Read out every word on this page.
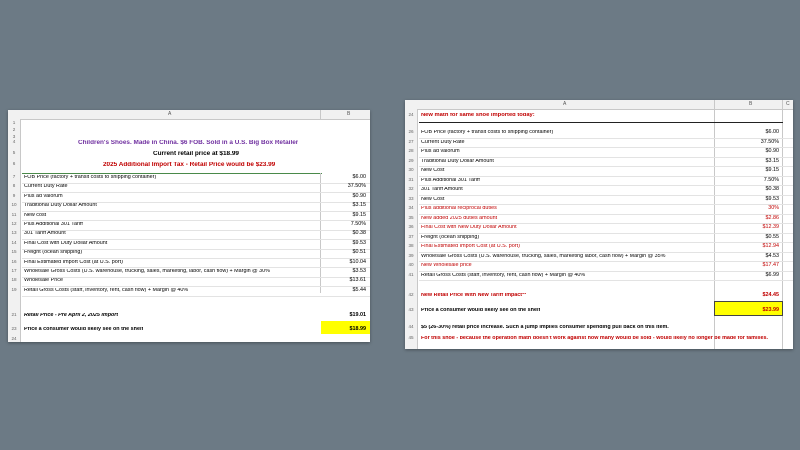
A	B
1
2
3
4	Children's Shoes. Made in China. $6 FOB. Sold in a U.S. Big Box Retailer
5	Current retail price at $18.99
6	2025 Additional Import Tax - Retail Price would be $23.99
7	FOB Price (factory + transit costs to shipping container)	$6.00
8	Current Duty Rate	37.50%
9	Plus ad valorum	$0.90
10	Traditional Duty Dollar Amount	$3.15
11	New cost	$9.15
12	Plus Additional 301 Tariff	7.50%
13	301 Tariff Amount	$0.38
14	Final Cost with Duty Dollar Amount	$9.53
15	Freight (ocean shipping)	$0.51
16	Final Estimated Import Cost (at U.S. port)	$10.04
17	Wholesale Gross Costs (U.S. warehouse, trucking, sales, marketing, labor, cash flow) + Margin @ 30%	$3.53
18	Wholesale Price	$13.61
19	Retail Gross Costs (staff, inventory, rent, cash flow) + Margin @ 40%	$5.44
21	Retail Price - Pre April 2, 2025 Import	$19.01
23	Price a consumer would likely see on the shelf	$18.99
24
A	B	C
24	New math for same shoe imported today:
26	FOB Price (factory + transit costs to shipping container)	$6.00
27	Current Duty Rate	37.50%
28	Plus ad valorum	$0.90
29	Traditional Duty Dollar Amount	$3.15
30	New Cost	$9.15
31	Plus Additional 301 Tariff	7.50%
32	301 Tariff Amount	$0.38
33	New Cost	$9.53
34	Plus additional reciprocal duties	30%
35	New added 2025 duties amount	$2.86
36	Final Cost with New Duty Dollar Amount	$12.39
37	Freight (ocean shipping)	$0.55
38	Final Estimated Import Cost (at U.S. port)	$12.94
39	Wholesale Gross Costs (U.S. warehouse, trucking, sales, marketing labor, cash flow) + Margin @ 35%	$4.53
40	New Wholesale price	$17.47
41	Retail Gross Costs (staff, inventory, rent, cash flow) + Margin @ 40%	$6.99
42	New Retail Price With New Tariff Impact**	$24.45
43	Price a consumer would likely see on the shelf	$23.99
44	$5 (26-30%) retail price increase. Such a jump implies consumer spending pull back on this item.
45	For this shoe - because the operation math doesn't work against how many would be sold - would likely no longer be made for families.
